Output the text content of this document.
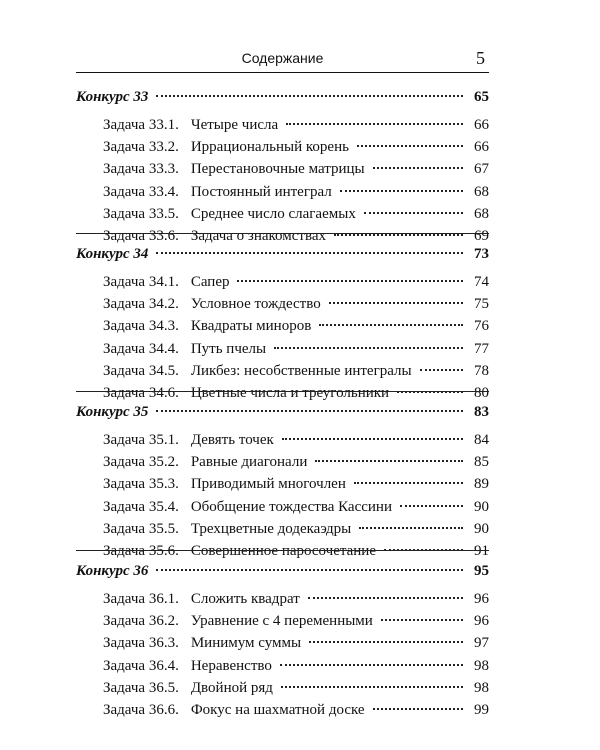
Содержание	5
Конкурс 33	65
Задача 33.1. Четыре числа	66
Задача 33.2. Иррациональный корень	66
Задача 33.3. Перестановочные матрицы	67
Задача 33.4. Постоянный интеграл	68
Задача 33.5. Среднее число слагаемых	68
Задача 33.6. Задача о знакомствах	69
Конкурс 34	73
Задача 34.1. Сапер	74
Задача 34.2. Условное тождество	75
Задача 34.3. Квадраты миноров	76
Задача 34.4. Путь пчелы	77
Задача 34.5. Ликбез: несобственные интегралы	78
Задача 34.6. Цветные числа и треугольники	80
Конкурс 35	83
Задача 35.1. Девять точек	84
Задача 35.2. Равные диагонали	85
Задача 35.3. Приводимый многочлен	89
Задача 35.4. Обобщение тождества Кассини	90
Задача 35.5. Трехцветные додекаэдры	90
Задача 35.6. Совершенное паросочетание	91
Конкурс 36	95
Задача 36.1. Сложить квадрат	96
Задача 36.2. Уравнение с 4 переменными	96
Задача 36.3. Минимум суммы	97
Задача 36.4. Неравенство	98
Задача 36.5. Двойной ряд	98
Задача 36.6. Фокус на шахматной доске	99
